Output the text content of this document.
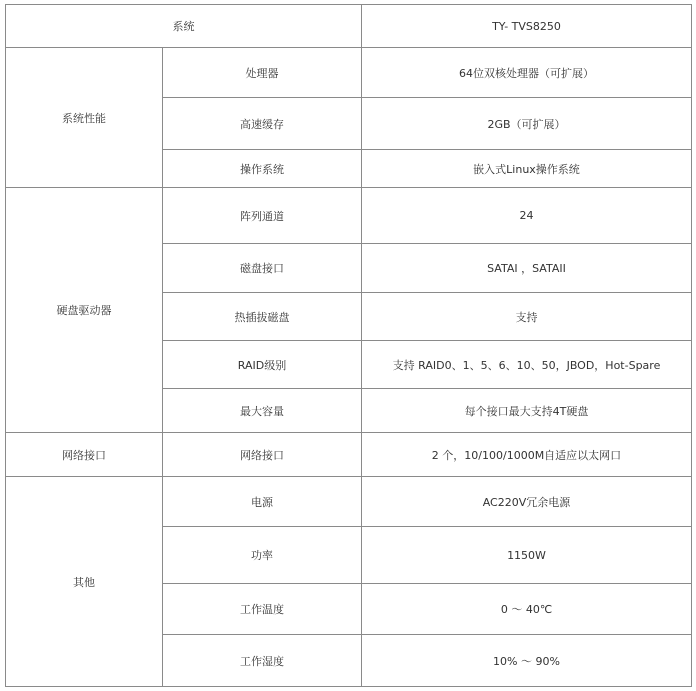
系统		TY- TVS8250
系统性能	处理器	64位双核处理器（可扩展）
	高速缓存	2GB（可扩展）
	操作系统	嵌入式Linux操作系统
硬盘驱动器	阵列通道	24
	磁盘接口	SATAI ，SATAII
	热插拔磁盘	支持
	RAID级别	支持 RAID0、1、5、6、10、50，JBOD，Hot-Spare
	最大容量	每个接口最大支持4T硬盘
网络接口	网络接口	2 个，10/100/1000M自适应以太网口
其他	电源	AC220V冗余电源
	功率	1150W
	工作温度	0 ～ 40℃
	工作湿度	10% ～ 90%
